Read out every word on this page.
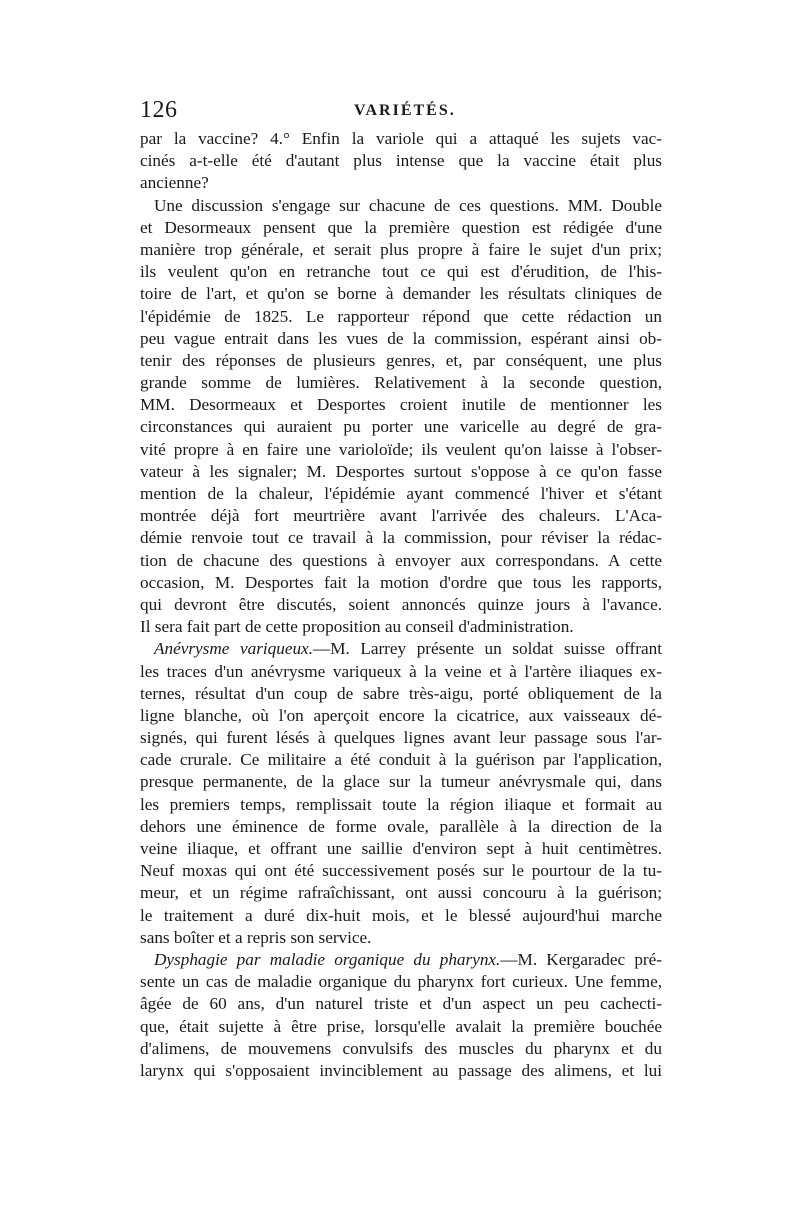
126	VARIÉTÉS.
par la vaccine? 4.° Enfin la variole qui a attaqué les sujets vac-
cinés a-t-elle été d'autant plus intense que la vaccine était plus
ancienne?
Une discussion s'engage sur chacune de ces questions. MM. Double
et Desormeaux pensent que la première question est rédigée d'une
manière trop générale, et serait plus propre à faire le sujet d'un prix;
ils veulent qu'on en retranche tout ce qui est d'érudition, de l'his-
toire de l'art, et qu'on se borne à demander les résultats cliniques de
l'épidémie de 1825. Le rapporteur répond que cette rédaction un
peu vague entrait dans les vues de la commission, espérant ainsi ob-
tenir des réponses de plusieurs genres, et, par conséquent, une plus
grande somme de lumières. Relativement à la seconde question,
MM. Desormeaux et Desportes croient inutile de mentionner les
circonstances qui auraient pu porter une varicelle au degré de gra-
vité propre à en faire une varioloïde; ils veulent qu'on laisse à l'obser-
vateur à les signaler; M. Desportes surtout s'oppose à ce qu'on fasse
mention de la chaleur, l'épidémie ayant commencé l'hiver et s'étant
montrée déjà fort meurtrière avant l'arrivée des chaleurs. L'Aca-
démie renvoie tout ce travail à la commission, pour réviser la rédac-
tion de chacune des questions à envoyer aux correspondans. A cette
occasion, M. Desportes fait la motion d'ordre que tous les rapports,
qui devront être discutés, soient annoncés quinze jours à l'avance.
Il sera fait part de cette proposition au conseil d'administration.
Anévrysme variqueux.—M. Larrey présente un soldat suisse offrant
les traces d'un anévrysme variqueux à la veine et à l'artère iliaques ex-
ternes, résultat d'un coup de sabre très-aigu, porté obliquement de la
ligne blanche, où l'on aperçoit encore la cicatrice, aux vaisseaux dé-
signés, qui furent lésés à quelques lignes avant leur passage sous l'ar-
cade crurale. Ce militaire a été conduit à la guérison par l'application,
presque permanente, de la glace sur la tumeur anévrysmale qui, dans
les premiers temps, remplissait toute la région iliaque et formait au
dehors une éminence de forme ovale, parallèle à la direction de la
veine iliaque, et offrant une saillie d'environ sept à huit centimètres.
Neuf moxas qui ont été successivement posés sur le pourtour de la tu-
meur, et un régime rafraîchissant, ont aussi concouru à la guérison;
le traitement a duré dix-huit mois, et le blessé aujourd'hui marche
sans boîter et a repris son service.
Dysphagie par maladie organique du pharynx.—M. Kergaradec pré-
sente un cas de maladie organique du pharynx fort curieux. Une femme,
âgée de 60 ans, d'un naturel triste et d'un aspect un peu cachecti-
que, était sujette à être prise, lorsqu'elle avalait la première bouchée
d'alimens, de mouvemens convulsifs des muscles du pharynx et du
larynx qui s'opposaient invinciblement au passage des alimens, et lui
